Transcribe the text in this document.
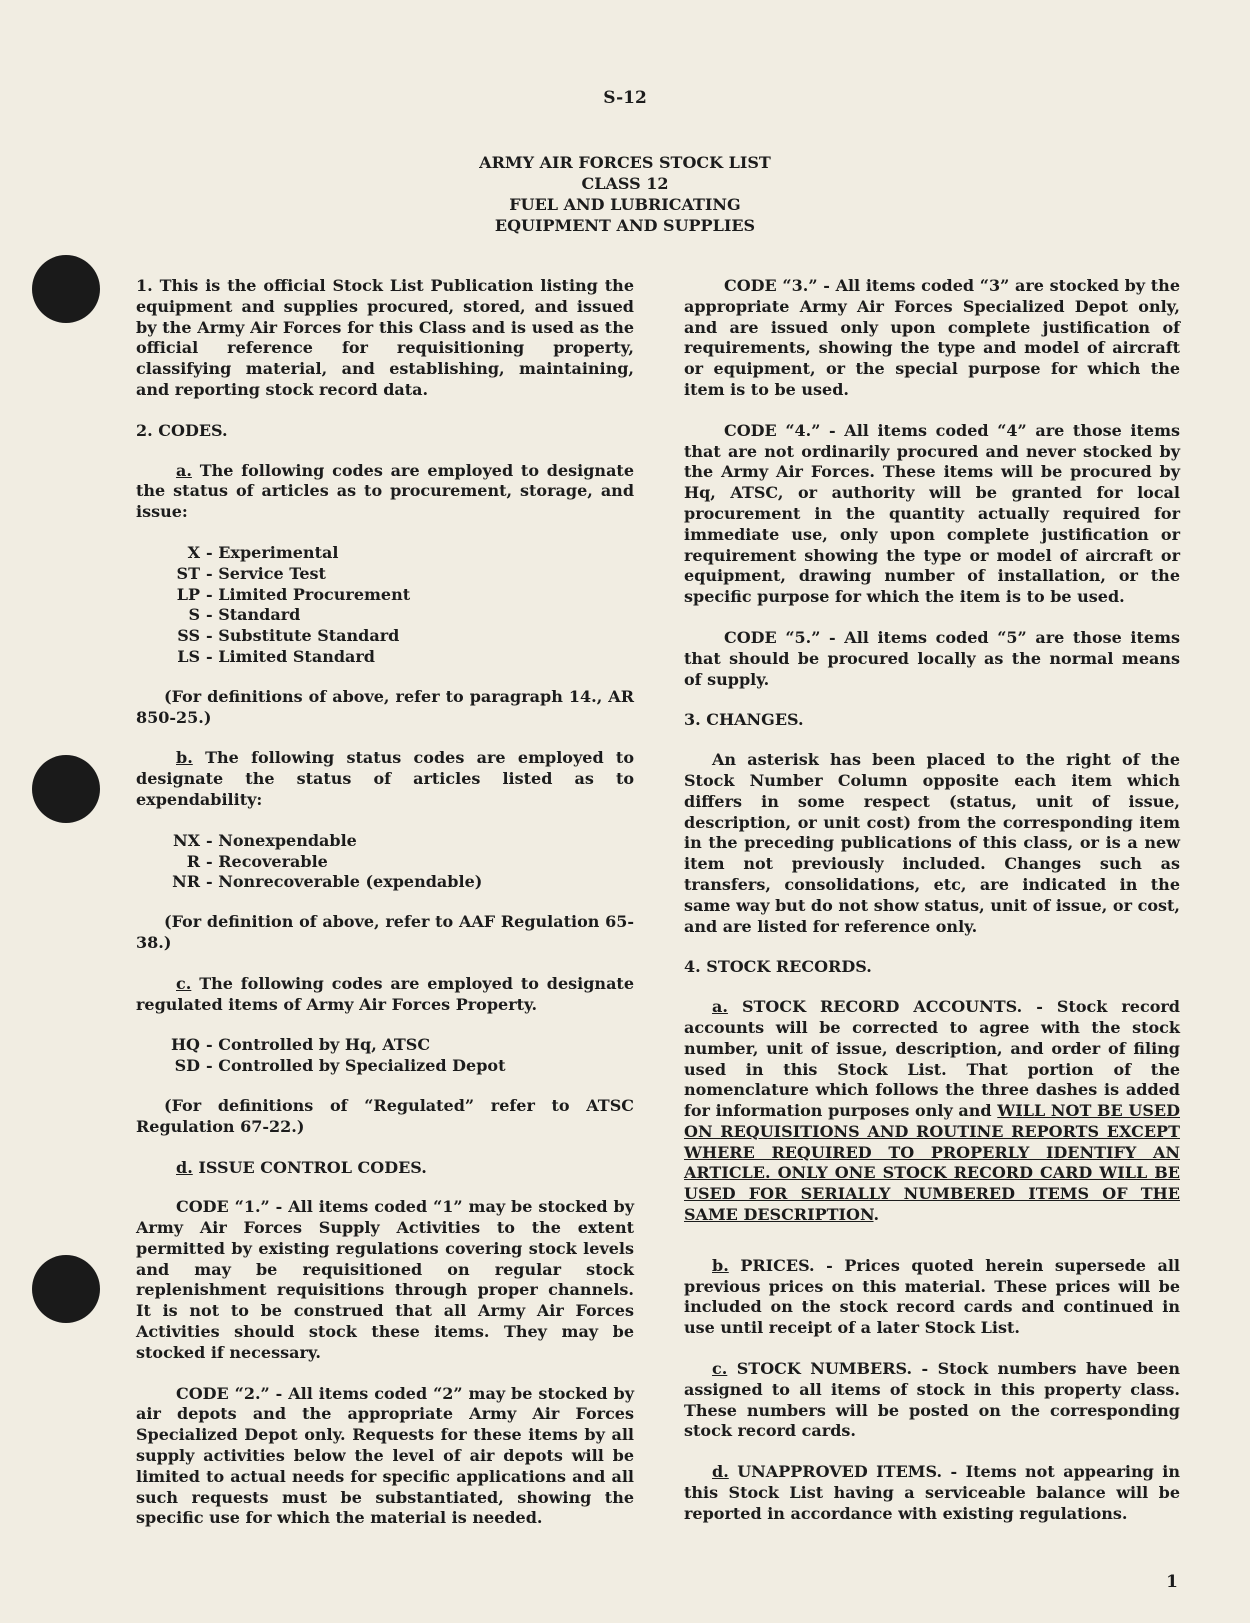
S-12
ARMY AIR FORCES STOCK LIST
CLASS 12
FUEL AND LUBRICATING
EQUIPMENT AND SUPPLIES

1. This is the official Stock List Publication listing the equipment and supplies procured, stored, and issued by the Army Air Forces for this Class and is used as the official reference for requisitioning property, classifying material, and establishing, maintaining, and reporting stock record data.

2. CODES.

a. The following codes are employed to designate the status of articles as to procurement, storage, and issue:

X - Experimental
ST - Service Test
LP - Limited Procurement
S - Standard
SS - Substitute Standard
LS - Limited Standard

(For definitions of above, refer to paragraph 14., AR 850-25.)

b. The following status codes are employed to designate the status of articles listed as to expendability:

NX - Nonexpendable
R - Recoverable
NR - Nonrecoverable (expendable)

(For definition of above, refer to AAF Regulation 65-38.)

c. The following codes are employed to designate regulated items of Army Air Forces Property.

HQ - Controlled by Hq, ATSC
SD - Controlled by Specialized Depot

(For definitions of “Regulated” refer to ATSC Regulation 67-22.)

d. ISSUE CONTROL CODES.

CODE “1.” - All items coded “1” may be stocked by Army Air Forces Supply Activities to the extent permitted by existing regulations covering stock levels and may be requisitioned on regular stock replenishment requisitions through proper channels. It is not to be construed that all Army Air Forces Activities should stock these items. They may be stocked if necessary.

CODE “2.” - All items coded “2” may be stocked by air depots and the appropriate Army Air Forces Specialized Depot only. Requests for these items by all supply activities below the level of air depots will be limited to actual needs for specific applications and all such requests must be substantiated, showing the specific use for which the material is needed.

CODE “3.” - All items coded “3” are stocked by the appropriate Army Air Forces Specialized Depot only, and are issued only upon complete justification of requirements, showing the type and model of aircraft or equipment, or the special purpose for which the item is to be used.

CODE “4.” - All items coded “4” are those items that are not ordinarily procured and never stocked by the Army Air Forces. These items will be procured by Hq, ATSC, or authority will be granted for local procurement in the quantity actually required for immediate use, only upon complete justification or requirement showing the type or model of aircraft or equipment, drawing number of installation, or the specific purpose for which the item is to be used.

CODE “5.” - All items coded “5” are those items that should be procured locally as the normal means of supply.

3. CHANGES.

An asterisk has been placed to the right of the Stock Number Column opposite each item which differs in some respect (status, unit of issue, description, or unit cost) from the corresponding item in the preceding publications of this class, or is a new item not previously included. Changes such as transfers, consolidations, etc, are indicated in the same way but do not show status, unit of issue, or cost, and are listed for reference only.

4. STOCK RECORDS.

a. STOCK RECORD ACCOUNTS. - Stock record accounts will be corrected to agree with the stock number, unit of issue, description, and order of filing used in this Stock List. That portion of the nomenclature which follows the three dashes is added for information purposes only and WILL NOT BE USED ON REQUISITIONS AND ROUTINE REPORTS EXCEPT WHERE REQUIRED TO PROPERLY IDENTIFY AN ARTICLE. ONLY ONE STOCK RECORD CARD WILL BE USED FOR SERIALLY NUMBERED ITEMS OF THE SAME DESCRIPTION.

b. PRICES. - Prices quoted herein supersede all previous prices on this material. These prices will be included on the stock record cards and continued in use until receipt of a later Stock List.

c. STOCK NUMBERS. - Stock numbers have been assigned to all items of stock in this property class. These numbers will be posted on the corresponding stock record cards.

d. UNAPPROVED ITEMS. - Items not appearing in this Stock List having a serviceable balance will be reported in accordance with existing regulations.

1
